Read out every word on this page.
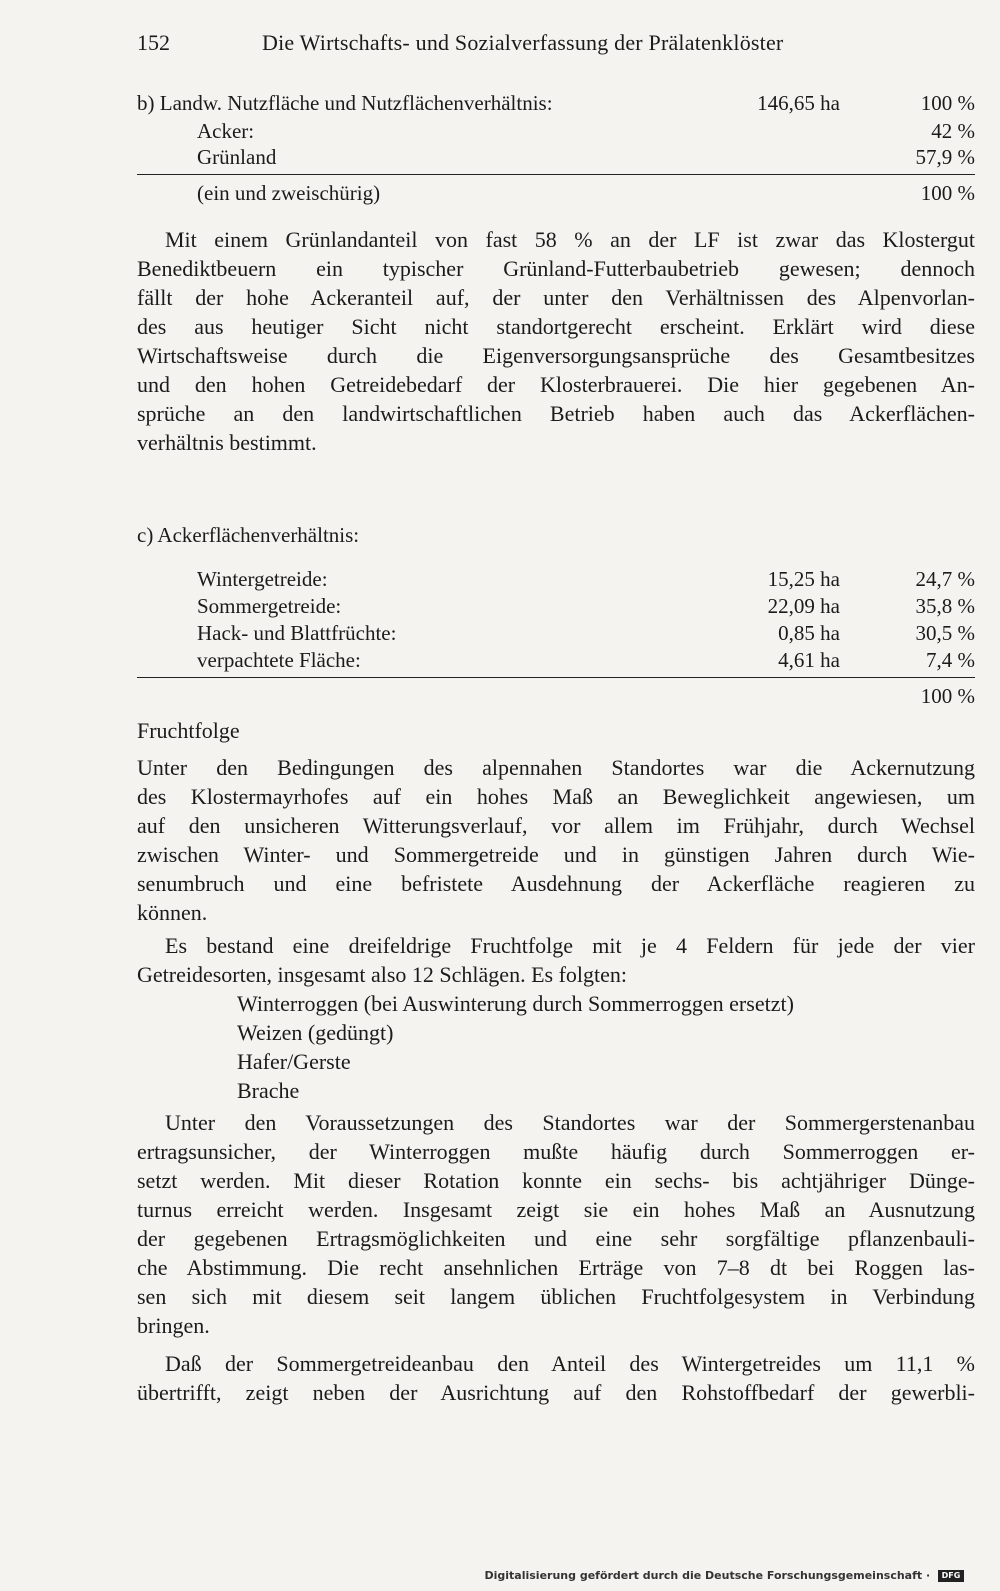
152	Die Wirtschafts- und Sozialverfassung der Prälatenklöster
b) Landw. Nutzfläche und Nutzflächenverhältnis:	146,65 ha	100 %
Acker:	42 %
Grünland	57,9 %
(ein und zweischürig)	100 %
Mit einem Grünlandanteil von fast 58 % an der LF ist zwar das Klostergut
Benediktbeuern ein typischer Grünland-Futterbaubetrieb gewesen; dennoch
fällt der hohe Ackeranteil auf, der unter den Verhältnissen des Alpenvorlan-
des aus heutiger Sicht nicht standortgerecht erscheint. Erklärt wird diese
Wirtschaftsweise durch die Eigenversorgungsansprüche des Gesamtbesitzes
und den hohen Getreidebedarf der Klosterbrauerei. Die hier gegebenen An-
sprüche an den landwirtschaftlichen Betrieb haben auch das Ackerflächen-
verhältnis bestimmt.
c) Ackerflächenverhältnis:
Wintergetreide:	15,25 ha	24,7 %
Sommergetreide:	22,09 ha	35,8 %
Hack- und Blattfrüchte:	0,85 ha	30,5 %
verpachtete Fläche:	4,61 ha	7,4 %
100 %
Fruchtfolge
Unter den Bedingungen des alpennahen Standortes war die Ackernutzung
des Klostermayrhofes auf ein hohes Maß an Beweglichkeit angewiesen, um
auf den unsicheren Witterungsverlauf, vor allem im Frühjahr, durch Wechsel
zwischen Winter- und Sommergetreide und in günstigen Jahren durch Wie-
senumbruch und eine befristete Ausdehnung der Ackerfläche reagieren zu
können.
Es bestand eine dreifeldrige Fruchtfolge mit je 4 Feldern für jede der vier
Getreidesorten, insgesamt also 12 Schlägen. Es folgten:
Winterroggen (bei Auswinterung durch Sommerroggen ersetzt)
Weizen (gedüngt)
Hafer/Gerste
Brache
Unter den Voraussetzungen des Standortes war der Sommergerstenanbau
ertragsunsicher, der Winterroggen mußte häufig durch Sommerroggen er-
setzt werden. Mit dieser Rotation konnte ein sechs- bis achtjähriger Dünge-
turnus erreicht werden. Insgesamt zeigt sie ein hohes Maß an Ausnutzung
der gegebenen Ertragsmöglichkeiten und eine sehr sorgfältige pflanzenbauli-
che Abstimmung. Die recht ansehnlichen Erträge von 7–8 dt bei Roggen las-
sen sich mit diesem seit langem üblichen Fruchtfolgesystem in Verbindung
bringen.
Daß der Sommergetreideanbau den Anteil des Wintergetreides um 11,1 %
übertrifft, zeigt neben der Ausrichtung auf den Rohstoffbedarf der gewerbli-
Digitalisierung gefördert durch die Deutsche Forschungsgemeinschaft · DFG
